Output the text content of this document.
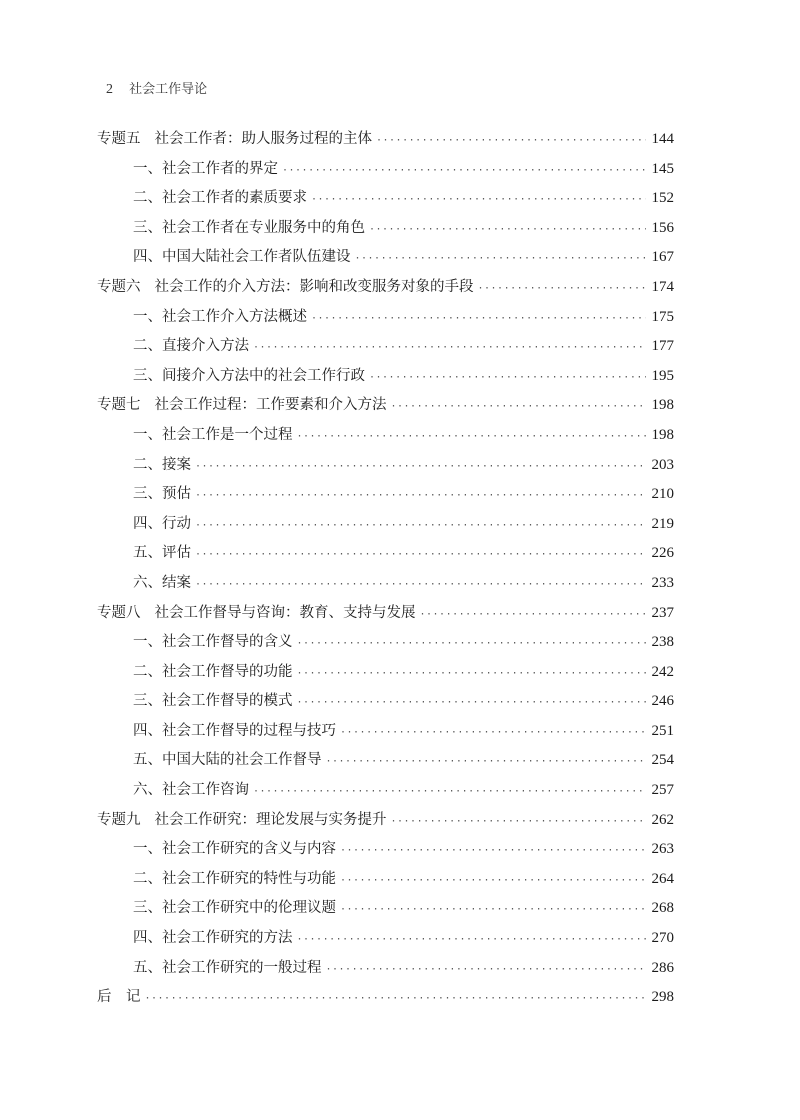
2 社会工作导论
专题五 社会工作者：助人服务过程的主体 ·····	144
一、社会工作者的界定 ·····	145
二、社会工作者的素质要求 ·····	152
三、社会工作者在专业服务中的角色 ·····	156
四、中国大陆社会工作者队伍建设 ·····	167
专题六 社会工作的介入方法：影响和改变服务对象的手段 ·····	174
一、社会工作介入方法概述 ·····	175
二、直接介入方法 ·····	177
三、间接介入方法中的社会工作行政 ·····	195
专题七 社会工作过程：工作要素和介入方法 ·····	198
一、社会工作是一个过程 ·····	198
二、接案 ·····	203
三、预估 ·····	210
四、行动 ·····	219
五、评估 ·····	226
六、结案 ·····	233
专题八 社会工作督导与咨询：教育、支持与发展 ·····	237
一、社会工作督导的含义 ·····	238
二、社会工作督导的功能 ·····	242
三、社会工作督导的模式 ·····	246
四、社会工作督导的过程与技巧 ·····	251
五、中国大陆的社会工作督导 ·····	254
六、社会工作咨询 ·····	257
专题九 社会工作研究：理论发展与实务提升 ·····	262
一、社会工作研究的含义与内容 ·····	263
二、社会工作研究的特性与功能 ·····	264
三、社会工作研究中的伦理议题 ·····	268
四、社会工作研究的方法 ·····	270
五、社会工作研究的一般过程 ·····	286
后　记 ·····	298
